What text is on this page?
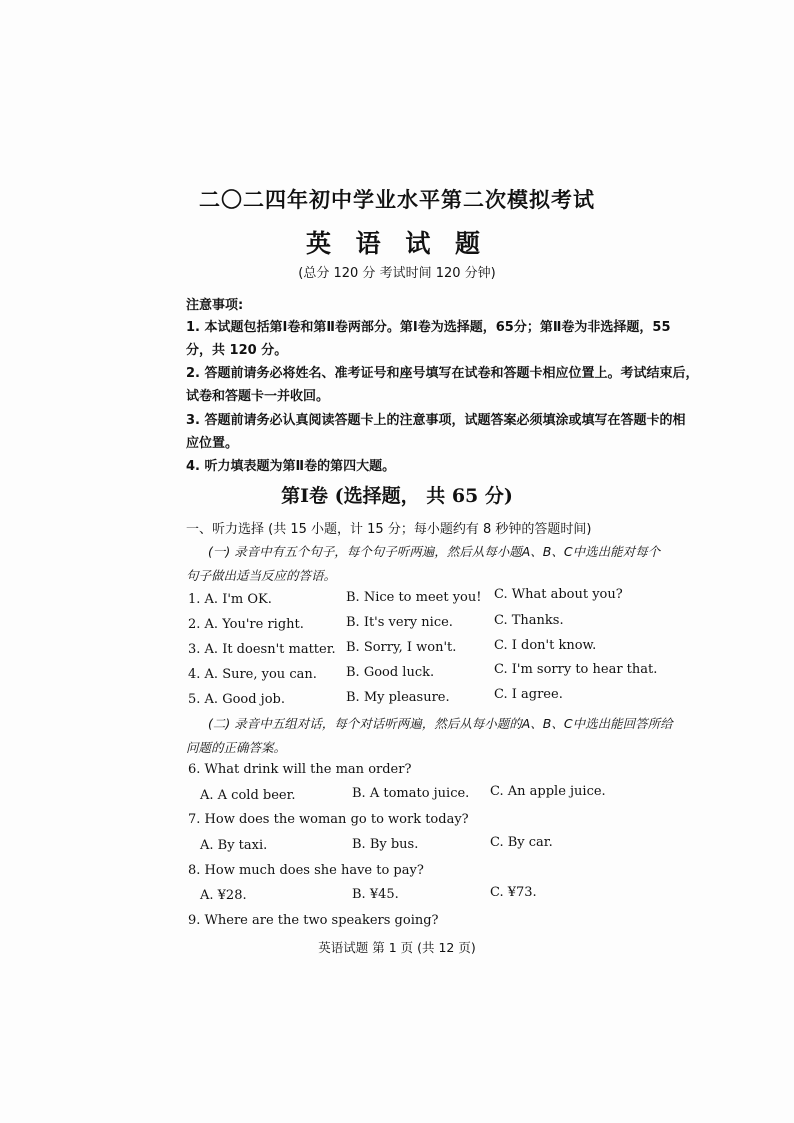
二〇二四年初中学业水平第二次模拟考试
英 语 试 题
(总分 120 分 考试时间 120 分钟)
注意事项:
1. 本试题包括第Ⅰ卷和第Ⅱ卷两部分。第Ⅰ卷为选择题，65分；第Ⅱ卷为非选择题，55
分，共 120 分。
2. 答题前请务必将姓名、准考证号和座号填写在试卷和答题卡相应位置上。考试结束后，
试卷和答题卡一并收回。
3. 答题前请务必认真阅读答题卡上的注意事项，试题答案必须填涂或填写在答题卡的相
应位置。
4. 听力填表题为第Ⅱ卷的第四大题。
第Ⅰ卷 (选择题， 共 65 分)
一、听力选择 (共 15 小题，计 15 分；每小题约有 8 秒钟的答题时间)
(一) 录音中有五个句子，每个句子听两遍，然后从每小题A、B、C中选出能对每个
句子做出适当反应的答语。
1. A. I'm OK.	B. Nice to meet you! C. What about you?
2. A. You're right.	B. It's very nice.	C. Thanks.
3. A. It doesn't matter. B. Sorry, I won't.	C. I don't know.
4. A. Sure, you can. B. Good luck.	C. I'm sorry to hear that.
5. A. Good job.	B. My pleasure.	C. I agree.
(二) 录音中五组对话，每个对话听两遍，然后从每小题的A、B、C中选出能回答所给
问题的正确答案。
6. What drink will the man order?
A. A cold beer.	B. A tomato juice. C. An apple juice.
7. How does the woman go to work today?
A. By taxi.	B. By bus.	C. By car.
8. How much does she have to pay?
A. ¥28.	B. ¥45.	C. ¥73.
9. Where are the two speakers going?
英语试题 第 1 页 (共 12 页)
